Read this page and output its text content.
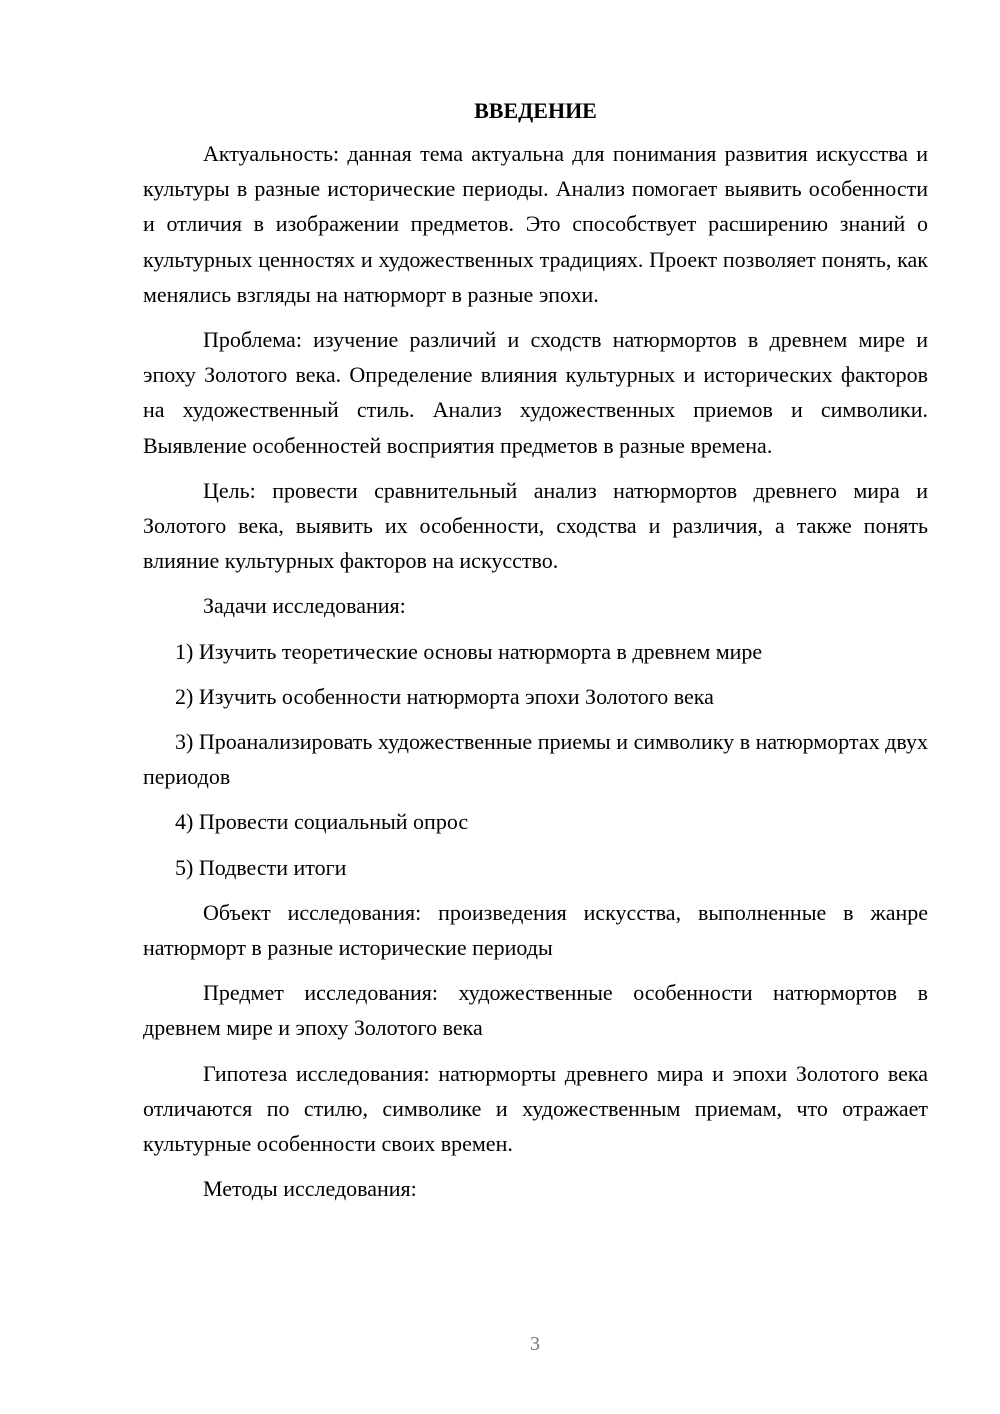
ВВЕДЕНИЕ

Актуальность: данная тема актуальна для понимания развития искусства и культуры в разные исторические периоды. Анализ помогает выявить особенности и отличия в изображении предметов. Это способствует расширению знаний о культурных ценностях и художественных традициях. Проект позволяет понять, как менялись взгляды на натюрморт в разные эпохи.

Проблема: изучение различий и сходств натюрмортов в древнем мире и эпоху Золотого века. Определение влияния культурных и исторических факторов на художественный стиль. Анализ художественных приемов и символики. Выявление особенностей восприятия предметов в разные времена.

Цель: провести сравнительный анализ натюрмортов древнего мира и Золотого века, выявить их особенности, сходства и различия, а также понять влияние культурных факторов на искусство.

Задачи исследования:

1) Изучить теоретические основы натюрморта в древнем мире

2) Изучить особенности натюрморта эпохи Золотого века

3) Проанализировать художественные приемы и символику в натюрмортах двух периодов

4) Провести социальный опрос

5) Подвести итоги

Объект исследования: произведения искусства, выполненные в жанре натюрморт в разные исторические периоды

Предмет исследования: художественные особенности натюрмортов в древнем мире и эпоху Золотого века

Гипотеза исследования: натюрморты древнего мира и эпохи Золотого века отличаются по стилю, символике и художественным приемам, что отражает культурные особенности своих времен.

Методы исследования:

3
